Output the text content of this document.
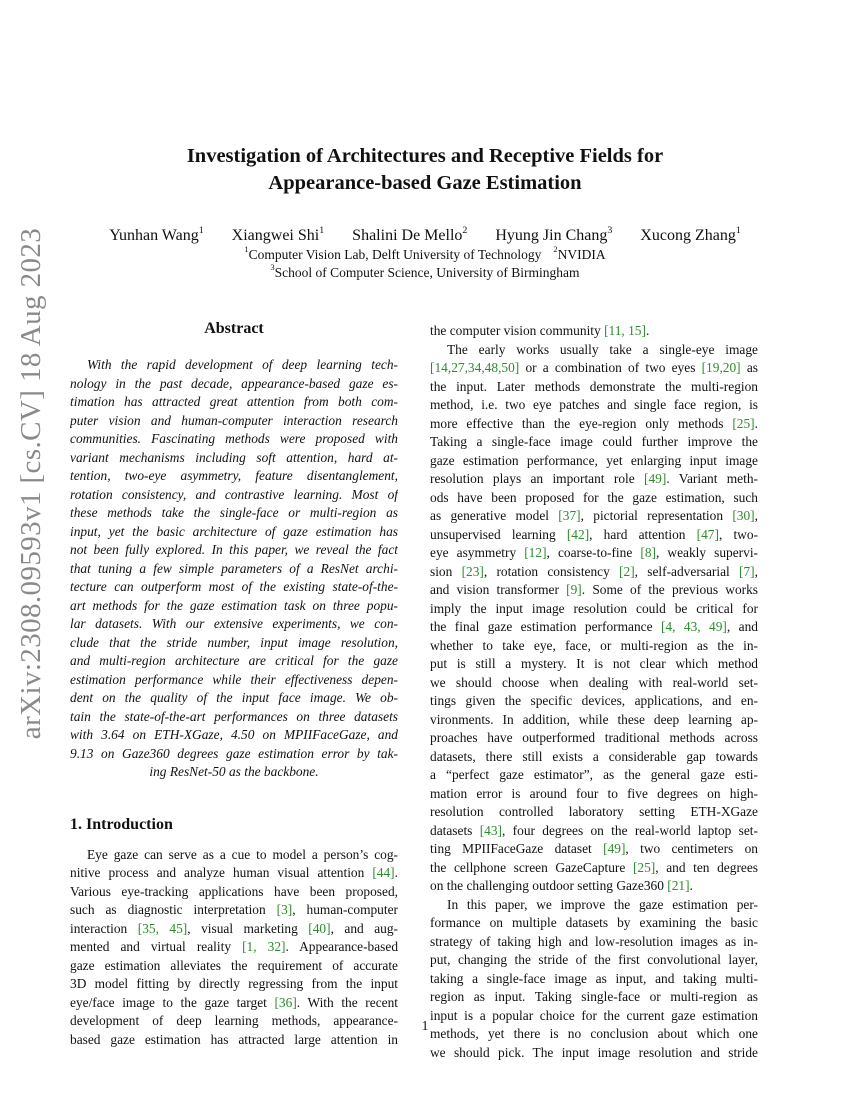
arXiv:2308.09593v1 [cs.CV] 18 Aug 2023
Investigation of Architectures and Receptive Fields for
Appearance-based Gaze Estimation
Yunhan Wang$^1$ Xiangwei Shi$^1$ Shalini De Mello$^2$ Hyung Jin Chang$^3$ Xucong Zhang$^1$
$^1$Computer Vision Lab, Delft University of Technology $^2$NVIDIA
$^3$School of Computer Science, University of Birmingham
Abstract
With the rapid development of deep learning tech-
nology in the past decade, appearance-based gaze es-
timation has attracted great attention from both com-
puter vision and human-computer interaction research
communities. Fascinating methods were proposed with
variant mechanisms including soft attention, hard at-
tention, two-eye asymmetry, feature disentanglement,
rotation consistency, and contrastive learning. Most of
these methods take the single-face or multi-region as
input, yet the basic architecture of gaze estimation has
not been fully explored. In this paper, we reveal the fact
that tuning a few simple parameters of a ResNet archi-
tecture can outperform most of the existing state-of-the-
art methods for the gaze estimation task on three popu-
lar datasets. With our extensive experiments, we con-
clude that the stride number, input image resolution,
and multi-region architecture are critical for the gaze
estimation performance while their effectiveness depen-
dent on the quality of the input face image. We ob-
tain the state-of-the-art performances on three datasets
with 3.64 on ETH-XGaze, 4.50 on MPIIFaceGaze, and
9.13 on Gaze360 degrees gaze estimation error by tak-
ing ResNet-50 as the backbone.
1. Introduction
Eye gaze can serve as a cue to model a person’s cog-
nitive process and analyze human visual attention [44].
Various eye-tracking applications have been proposed,
such as diagnostic interpretation [3], human-computer
interaction [35, 45], visual marketing [40], and aug-
mented and virtual reality [1, 32]. Appearance-based
gaze estimation alleviates the requirement of accurate
3D model fitting by directly regressing from the input
eye/face image to the gaze target [36]. With the recent
development of deep learning methods, appearance-
based gaze estimation has attracted large attention in
the computer vision community [11, 15].
The early works usually take a single-eye image
[14,27,34,48,50] or a combination of two eyes [19,20] as
the input. Later methods demonstrate the multi-region
method, i.e. two eye patches and single face region, is
more effective than the eye-region only methods [25].
Taking a single-face image could further improve the
gaze estimation performance, yet enlarging input image
resolution plays an important role [49]. Variant meth-
ods have been proposed for the gaze estimation, such
as generative model [37], pictorial representation [30],
unsupervised learning [42], hard attention [47], two-
eye asymmetry [12], coarse-to-fine [8], weakly supervi-
sion [23], rotation consistency [2], self-adversarial [7],
and vision transformer [9]. Some of the previous works
imply the input image resolution could be critical for
the final gaze estimation performance [4, 43, 49], and
whether to take eye, face, or multi-region as the in-
put is still a mystery. It is not clear which method
we should choose when dealing with real-world set-
tings given the specific devices, applications, and en-
vironments. In addition, while these deep learning ap-
proaches have outperformed traditional methods across
datasets, there still exists a considerable gap towards
a “perfect gaze estimator”, as the general gaze esti-
mation error is around four to five degrees on high-
resolution controlled laboratory setting ETH-XGaze
datasets [43], four degrees on the real-world laptop set-
ting MPIIFaceGaze dataset [49], two centimeters on
the cellphone screen GazeCapture [25], and ten degrees
on the challenging outdoor setting Gaze360 [21].
In this paper, we improve the gaze estimation per-
formance on multiple datasets by examining the basic
strategy of taking high and low-resolution images as in-
put, changing the stride of the first convolutional layer,
taking a single-face image as input, and taking multi-
region as input. Taking single-face or multi-region as
input is a popular choice for the current gaze estimation
methods, yet there is no conclusion about which one
we should pick. The input image resolution and stride
1
